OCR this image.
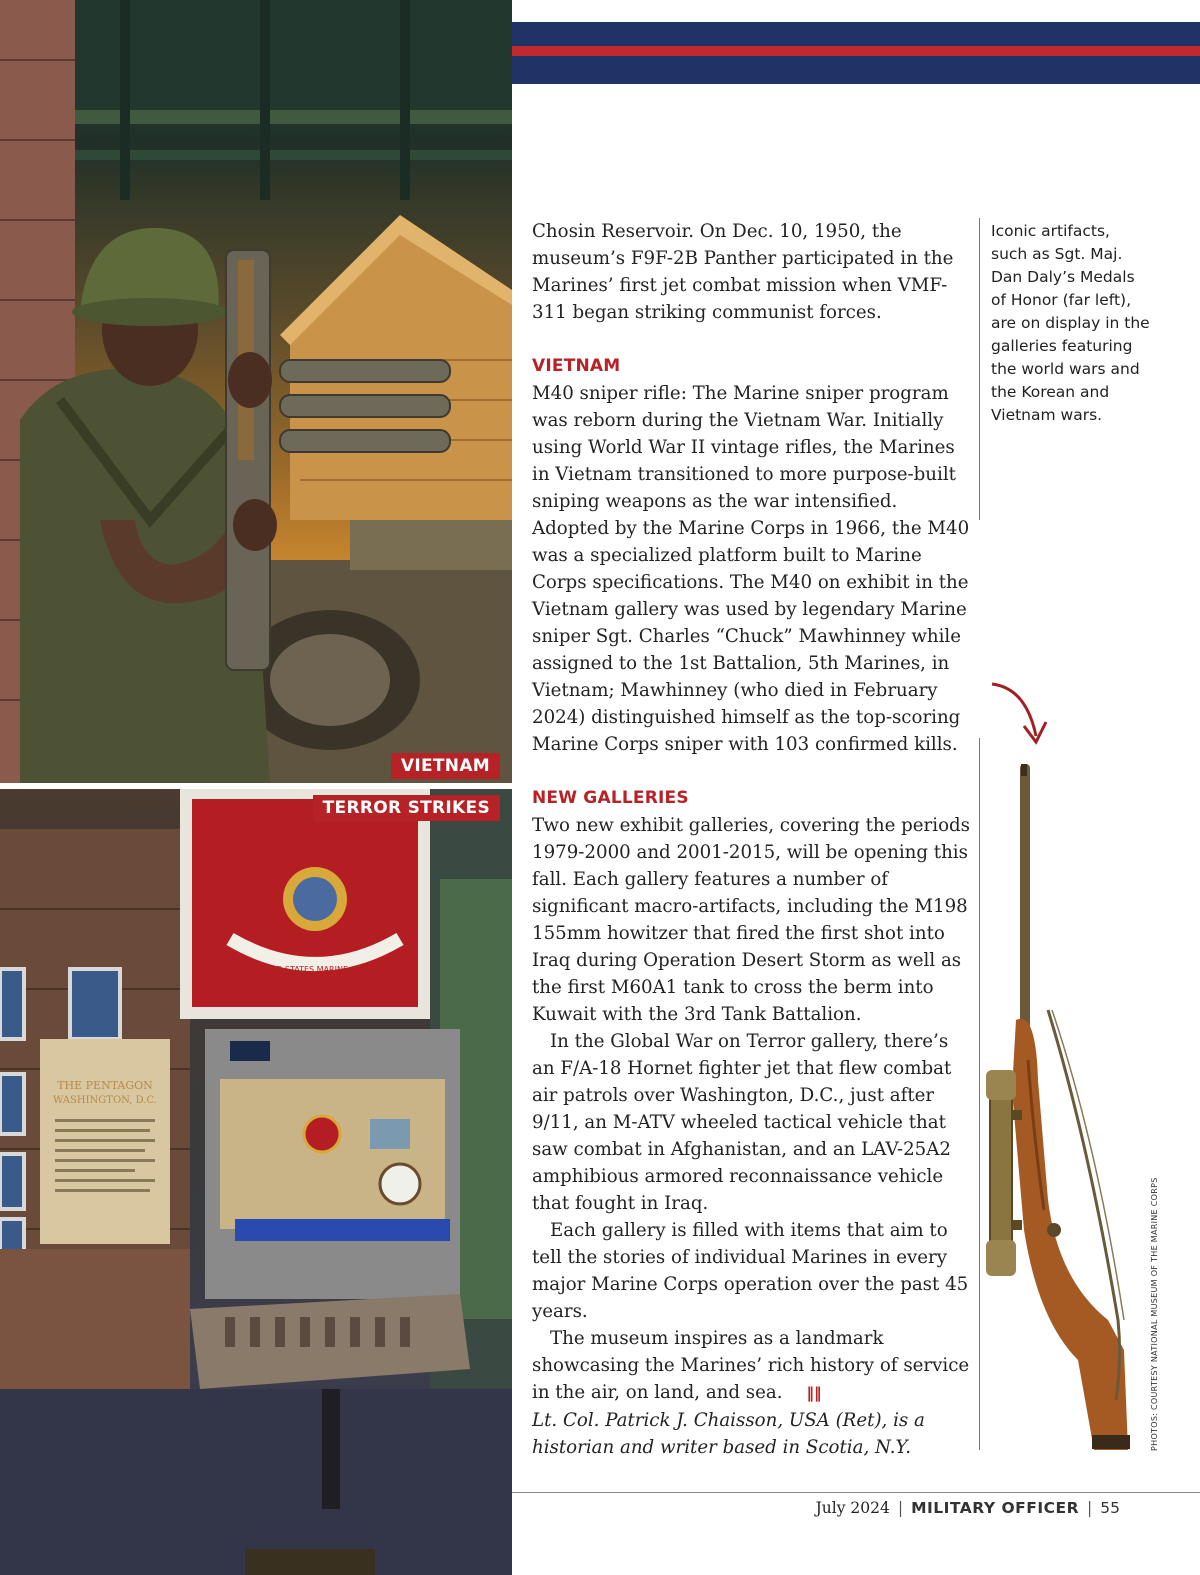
VIETNAM
THE PENTAGON
WASHINGTON, D.C.
UNITED STATES MARINE CORPS
TERROR STRIKES

Chosin Reservoir. On Dec. 10, 1950, the museum’s F9F-2B Panther participated in the Marines’ first jet combat mission when VMF-311 began striking communist forces.

VIETNAM

M40 sniper rifle: The Marine sniper program was reborn during the Vietnam War. Initially using World War II vintage rifles, the Marines in Vietnam transitioned to more purpose-built sniping weapons as the war intensified. Adopted by the Marine Corps in 1966, the M40 was a specialized platform built to Marine Corps specifications. The M40 on exhibit in the Vietnam gallery was used by legendary Marine sniper Sgt. Charles “Chuck” Mawhinney while assigned to the 1st Battalion, 5th Marines, in Vietnam; Mawhinney (who died in February 2024) distinguished himself as the top-scoring Marine Corps sniper with 103 confirmed kills.

NEW GALLERIES

Two new exhibit galleries, covering the periods 1979-2000 and 2001-2015, will be opening this fall. Each gallery features a number of significant macro-artifacts, including the M198 155mm howitzer that fired the first shot into Iraq during Operation Desert Storm as well as the first M60A1 tank to cross the berm into Kuwait with the 3rd Tank Battalion.

In the Global War on Terror gallery, there’s an F/A-18 Hornet fighter jet that flew combat air patrols over Washington, D.C., just after 9/11, an M-ATV wheeled tactical vehicle that saw combat in Afghanistan, and an LAV-25A2 amphibious armored reconnaissance vehicle that fought in Iraq.

Each gallery is filled with items that aim to tell the stories of individual Marines in every major Marine Corps operation over the past 45 years.

The museum inspires as a landmark showcasing the Marines’ rich history of service in the air, on land, and sea. ‖‖

Lt. Col. Patrick J. Chaisson, USA (Ret), is a historian and writer based in Scotia, N.Y.

Iconic artifacts, such as Sgt. Maj. Dan Daly’s Medals of Honor (far left), are on display in the galleries featuring the world wars and the Korean and Vietnam wars.
PHOTOS: COURTESY NATIONAL MUSEUM OF THE MARINE CORPS
July 2024 | MILITARY OFFICER | 55
